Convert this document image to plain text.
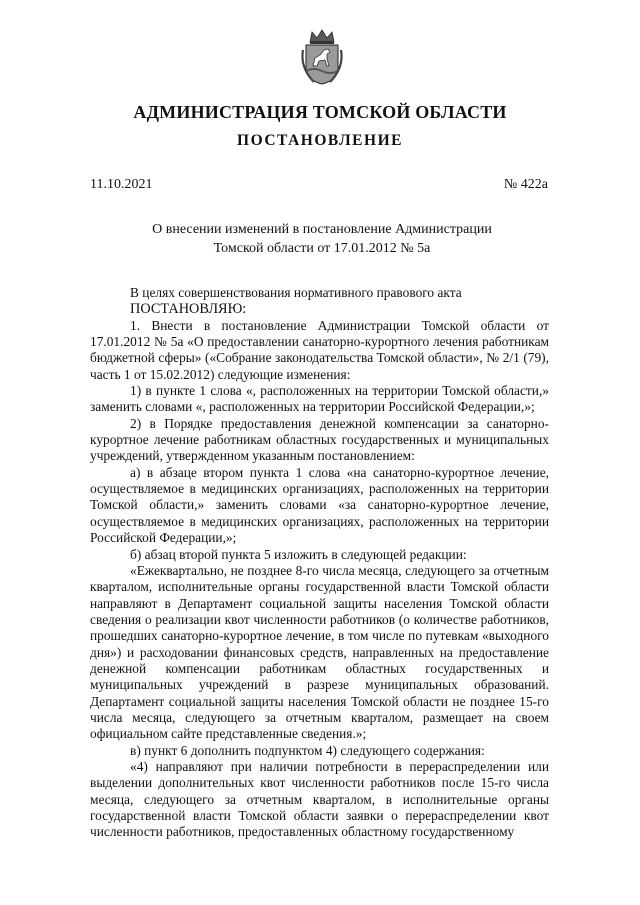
АДМИНИСТРАЦИЯ ТОМСКОЙ ОБЛАСТИ
ПОСТАНОВЛЕНИЕ
11.10.2021	№ 422а
О внесении изменений в постановление Администрации Томской области от 17.01.2012 № 5а

В целях совершенствования нормативного правового акта

ПОСТАНОВЛЯЮ:

1. Внести в постановление Администрации Томской области от 17.01.2012 № 5а «О предоставлении санаторно-курортного лечения работникам бюджетной сферы» («Собрание законодательства Томской области», № 2/1 (79), часть 1 от 15.02.2012) следующие изменения:

1) в пункте 1 слова «, расположенных на территории Томской области,» заменить словами «, расположенных на территории Российской Федерации,»;

2) в Порядке предоставления денежной компенсации за санаторно-курортное лечение работникам областных государственных и муниципальных учреждений, утвержденном указанным постановлением:

а) в абзаце втором пункта 1 слова «на санаторно-курортное лечение, осуществляемое в медицинских организациях, расположенных на территории Томской области,» заменить словами «за санаторно-курортное лечение, осуществляемое в медицинских организациях, расположенных на территории Российской Федерации,»;

б) абзац второй пункта 5 изложить в следующей редакции:

«Ежеквартально, не позднее 8-го числа месяца, следующего за отчетным кварталом, исполнительные органы государственной власти Томской области направляют в Департамент социальной защиты населения Томской области сведения о реализации квот численности работников (о количестве работников, прошедших санаторно-курортное лечение, в том числе по путевкам «выходного дня») и расходовании финансовых средств, направленных на предоставление денежной компенсации работникам областных государственных и муниципальных учреждений в разрезе муниципальных образований. Департамент социальной защиты населения Томской области не позднее 15-го числа месяца, следующего за отчетным кварталом, размещает на своем официальном сайте представленные сведения.»;

в) пункт 6 дополнить подпунктом 4) следующего содержания:

«4) направляют при наличии потребности в перераспределении или выделении дополнительных квот численности работников после 15-го числа месяца, следующего за отчетным кварталом, в исполнительные органы государственной власти Томской области заявки о перераспределении квот численности работников, предоставленных областному государственному
